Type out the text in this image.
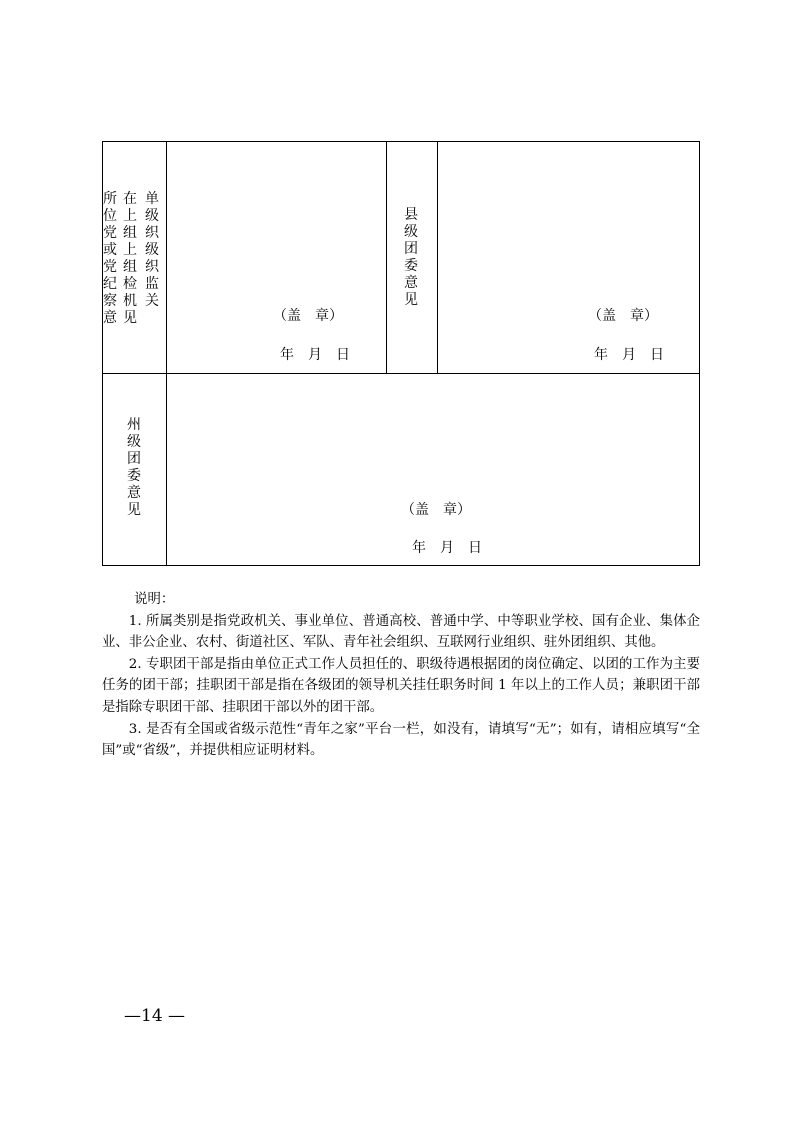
所位党或党纪察意
在上组上组检机见
单级织级织监关
（盖　章）
年　月　日
县级团委意见
（盖　章）
年　月　日
州级团委意见	（盖　章）
年　月　日

说明：

1. 所属类别是指党政机关、事业单位、普通高校、普通中学、中等职业学校、国有企业、集体企业、非公企业、农村、街道社区、军队、青年社会组织、互联网行业组织、驻外团组织、其他。

2. 专职团干部是指由单位正式工作人员担任的、职级待遇根据团的岗位确定、以团的工作为主要任务的团干部；挂职团干部是指在各级团的领导机关挂任职务时间 1 年以上的工作人员；兼职团干部是指除专职团干部、挂职团干部以外的团干部。

3. 是否有全国或省级示范性“青年之家”平台一栏，如没有，请填写“无”；如有，请相应填写“全国”或“省级”，并提供相应证明材料。

—14 —
